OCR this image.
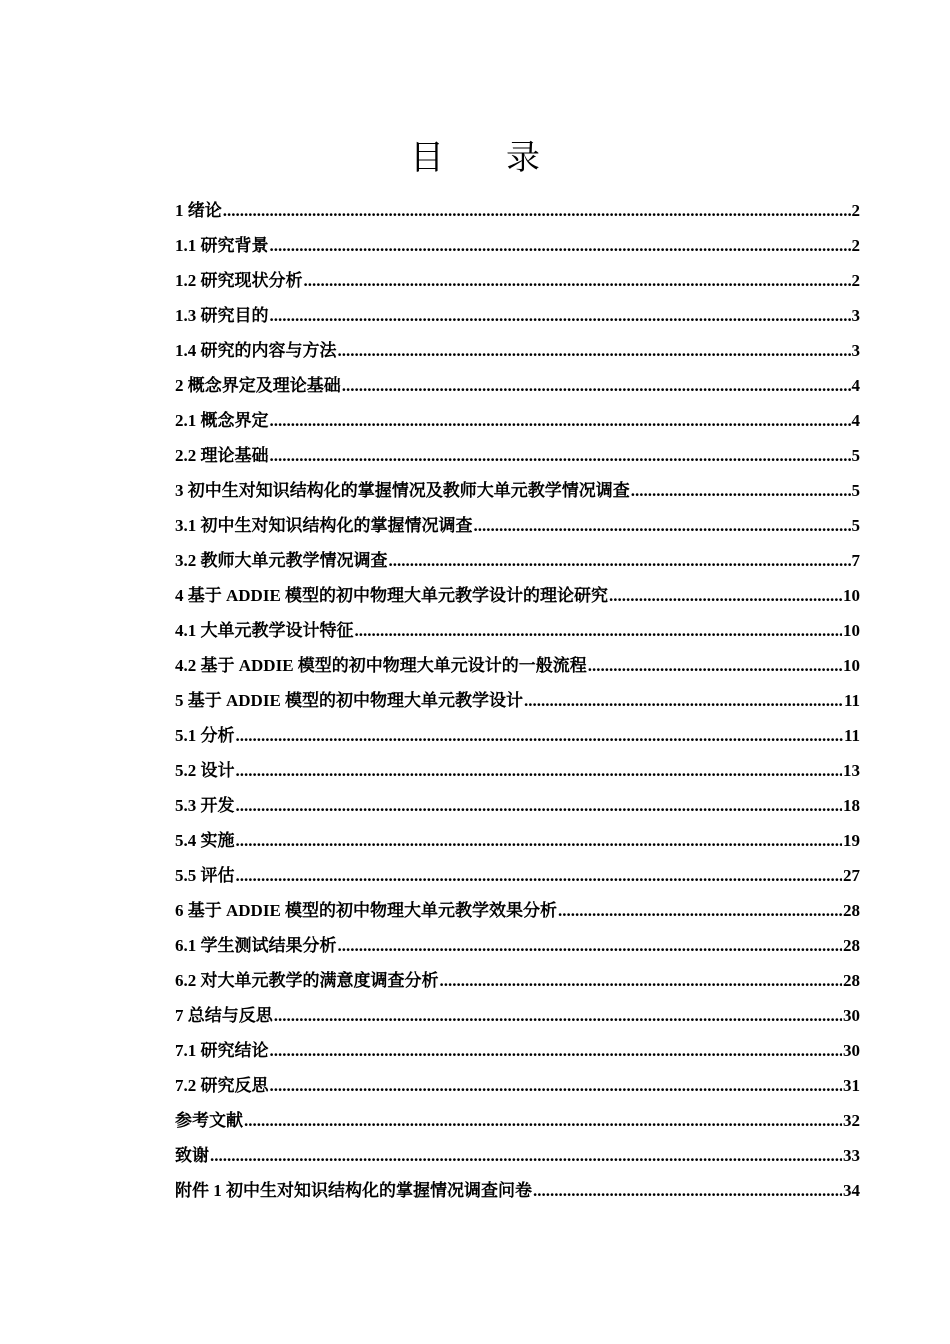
目 录
1 绪论 .....	2
1.1 研究背景 .....	2
1.2 研究现状分析 .....	2
1.3 研究目的 .....	3
1.4 研究的内容与方法 .....	3
2 概念界定及理论基础 .....	4
2.1 概念界定 .....	4
2.2 理论基础 .....	5
3 初中生对知识结构化的掌握情况及教师大单元教学情况调查 .....	5
3.1 初中生对知识结构化的掌握情况调查 .....	5
3.2 教师大单元教学情况调查 .....	7
4 基于 ADDIE 模型的初中物理大单元教学设计的理论研究 .....	10
4.1 大单元教学设计特征 .....	10
4.2 基于 ADDIE 模型的初中物理大单元设计的一般流程 .....	10
5 基于 ADDIE 模型的初中物理大单元教学设计 .....	11
5.1 分析 .....	11
5.2 设计 .....	13
5.3 开发 .....	18
5.4 实施 .....	19
5.5 评估 .....	27
6 基于 ADDIE 模型的初中物理大单元教学效果分析 .....	28
6.1 学生测试结果分析 .....	28
6.2 对大单元教学的满意度调查分析 .....	28
7 总结与反思 .....	30
7.1 研究结论 .....	30
7.2 研究反思 .....	31
参考文献 .....	32
致谢 .....	33
附件 1 初中生对知识结构化的掌握情况调查问卷 .....	34
